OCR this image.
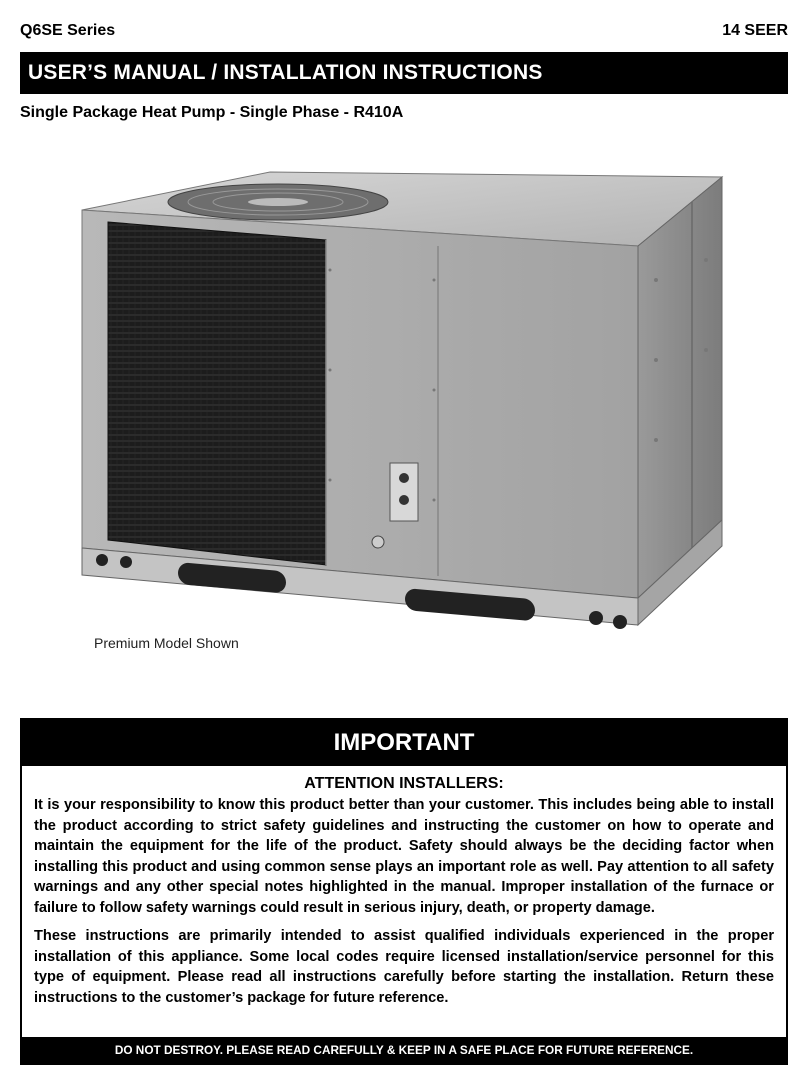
Q6SE Series	14 SEER
USER’S MANUAL / INSTALLATION INSTRUCTIONS
Single Package Heat Pump - Single Phase - R410A
Premium Model Shown
IMPORTANT
ATTENTION INSTALLERS:

It is your responsibility to know this product better than your customer. This includes being able to install the product according to strict safety guidelines and instructing the customer on how to operate and maintain the equipment for the life of the product. Safety should always be the deciding factor when installing this product and using common sense plays an important role as well. Pay attention to all safety warnings and any other special notes highlighted in the manual. Improper installation of the furnace or failure to follow safety warnings could result in serious injury, death, or property damage.

These instructions are primarily intended to assist qualified individuals experienced in the proper installation of this appliance. Some local codes require licensed installation/service personnel for this type of equipment. Please read all instructions carefully before starting the installation. Return these instructions to the customer’s package for future reference.

DO NOT DESTROY. PLEASE READ CAREFULLY & KEEP IN A SAFE PLACE FOR FUTURE REFERENCE.
